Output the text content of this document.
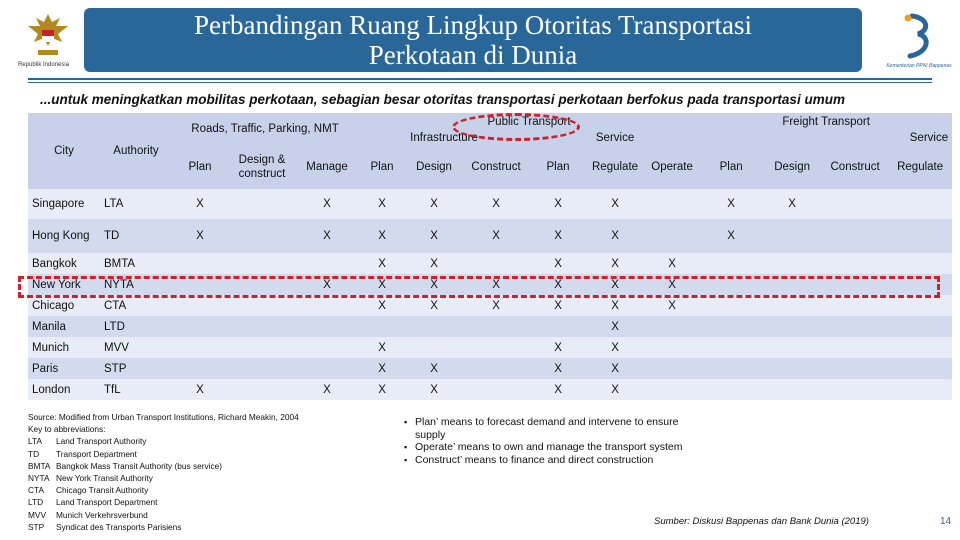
Republik Indonesia
Perbandingan Ruang Lingkup Otoritas Transportasi
Perkotaan di Dunia	Kementerian PPN/ Bappenas
...untuk meningkatkan mobilitas perkotaan, sebagian besar otoritas transportasi perkotaan berfokus pada transportasi umum
City	Authority	Roads, Traffic, Parking, NMT			Public Transport						Freight Transport			
					Infrastructure			Service			Service			
		Plan	Design & construct	Manage	Plan	Design	Construct	Plan	Regulate	Operate	Plan	Design	Construct	Regulate
Singapore	LTA	X		X	X	X	X	X	X		X	X		
Hong Kong	TD	X		X	X	X	X	X	X		X			
Bangkok	BMTA				X	X		X	X	X				
New York	NYTA			X	X	X	X	X	X	X				
Chicago	CTA				X	X	X	X	X	X				
Manila	LTD								X					
Munich	MVV				X			X	X					
Paris	STP				X	X		X	X					
London	TfL	X		X	X	X		X	X					
Source: Modified from Urban Transport Institutions, Richard Meakin, 2004
Key to abbreviations:
LTA Land Transport Authority
TD Transport Department
BMTA Bangkok Mass Transit Authority (bus service)
NYTA New York Transit Authority
CTA Chicago Transit Authority
LTD Land Transport Department
MVV Munich Verkehrsverbund
STP Syndicat des Transports Parisiens
▪ Plan’ means to forecast demand and intervene to ensure supply
▪ Operate’ means to own and manage the transport system
▪ Construct’ means to finance and direct construction
Sumber: Diskusi Bappenas dan Bank Dunia (2019)	14
